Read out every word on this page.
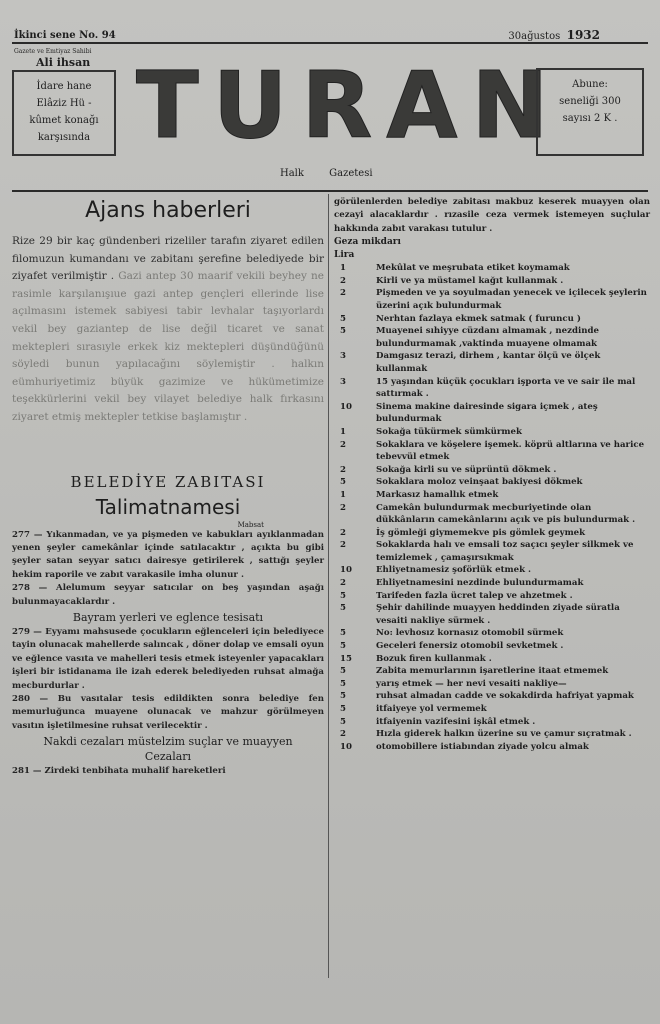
İkinci sene No. 94	30ağustos 1932
Gazete ve Emtiyaz Sahibi
Ali ihsan
İdare hane
Elâziz Hü -
kûmet konağı
karşısında TURAN Abune:
seneliği 300
sayısı 2 K .
Halk Gazetesi
Ajans haberleri
Rize 29 bir kaç gündenberi rizeliler tarafın ziyaret edilen filomuzun kumandanı ve zabitanı şerefine belediyede bir ziyafet verilmiştir . Gazi antep 30 maarif vekili beyhey ne rasimle karşılanışıue gazi antep gençleri ellerinde lise açılmasını istemek sabiyesi tabir levhalar taşıyorlardı vekil bey gaziantep de lise değil ticaret ve sanat mektepleri sırasıyle erkek kiz mektepleri düşündüğünü söyledi bunun yapılacağını söylemiştir . halkın eümhuriyetimiz büyük gazimize ve hükümetimize teşekkürlerini vekil bey vilayet belediye halk fırkasını ziyaret etmiş mektepler tetkise başlamıştır .
BELEDİYE ZABITASI
Talimatnamesi
Mabsat
277 — Yıkanmadan, ve ya pişmeden ve kabukları ayıklanmadan yenen şeyler camekânlar içinde satılacaktır , açıkta bu gibi şeyler satan seyyar satıcı dairesye getirilerek , sattığı şeyler hekim raporile ve zabıt varakasile imha olunur .
278 — Alelumum seyyar satıcılar on beş yaşından aşağı bulunmayacaklardır .
Bayram yerleri ve eglence tesisatı
279 — Eyyamı mahsusede çocukların eğlenceleri için belediyece tayin olunacak mahellerde salıncak , döner dolap ve emsali oyun ve eğlence vasıta ve mahelleri tesis etmek isteyenler yapacakları işleri bir istidanama ile izah ederek belediyeden ruhsat almağa mecburdurlar .
280 — Bu vasıtalar tesis edildikten sonra belediye fen memurluğunca muayene olunacak ve mahzur görülmeyen vasıtın işletilmesine ruhsat verilecektir .
Nakdi cezaları müstelzim suçlar ve muayyen
Cezaları
281 — Zirdeki tenbihata muhalif hareketleri
görülenlerden belediye zabitası makbuz keserek muayyen olan cezayi alacaklardır . rızasile ceza vermek istemeyen suçlular hakkında zabıt varakası tutulur .
Geza mikdarı
Lira
1	Mekûlat ve meşrubata etiket koymamak
2	Kirli ve ya müstamel kağıt kullanmak .
2	Pişmeden ve ya soyulmadan yenecek ve içilecek şeylerin üzerini açık bulundurmak
5	Nerhtan fazlaya ekmek satmak ( furuncu )
5	Muayenei sıhiyye cüzdanı almamak , nezdinde bulundurmamak ,vaktinda muayene olmamak
3	Damgasız terazi, dirhem , kantar ölçü ve ölçek kullanmak
3	15 yaşından küçük çocukları işporta ve ve sair ile mal sattırmak .
10	Sinema makine dairesinde sigara içmek , ateş bulundurmak
1	Sokağa tükürmek sümkürmek
2	Sokaklara ve köşelere işemek. köprü altlarına ve harice tebevvül etmek
2	Sokağa kirli su ve süprüntü dökmek .
5	Sokaklara moloz veinşaat bakiyesi dökmek
1	Markasız hamallık etmek
2	Camekân bulundurmak mecburiyetinde olan dükkânların camekânlarını açık ve pis bulundurmak .
2	İş gömleği giymemekve pis gömlek geymek
2	Sokaklarda halı ve emsali toz saçıcı şeyler silkmek ve temizlemek , çamaşırsıkmak
10	Ehliyetnamesiz şoförlük etmek .
2	Ehliyetnamesini nezdinde bulundurmamak
5	Tarifeden fazla ücret talep ve ahzetmek .
5	Şehir dahilinde muayyen heddinden ziyade süratla vesaiti nakliye sürmek .
5	No: levhosız kornasız otomobil sürmek
5	Geceleri fenersiz otomobil sevketmek .
15	Bozuk firen kullanmak .
5	Zabita memurlarının işaretlerine itaat etmemek
5	yarış etmek — her nevi vesaiti nakliye—
5	ruhsat almadan cadde ve sokakdirda hafriyat yapmak
5	itfaiyeye yol vermemek
5	itfaiyenin vazifesini işkâl etmek .
2	Hızla giderek halkın üzerine su ve çamur sıçratmak .
10	otomobillere istiabından ziyade yolcu almak
